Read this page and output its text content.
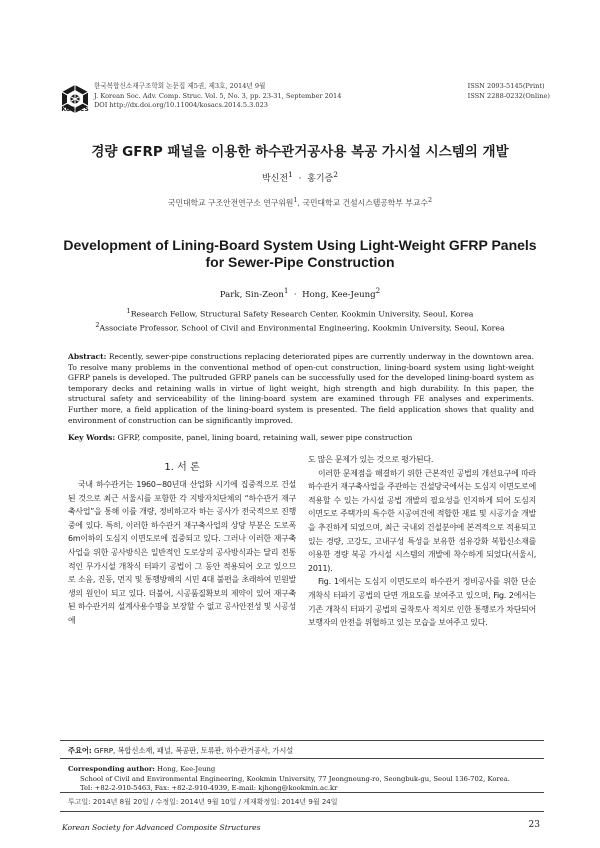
KOSACS
한국복합신소재구조학회 논문집 제5권, 제3호, 2014년 9월
J. Korean Soc. Adv. Comp. Struc. Vol. 5, No. 3, pp. 23-31, September 2014
DOI http://dx.doi.org/10.11004/kosacs.2014.5.3.023
ISSN 2093-5145(Print)
ISSN 2288-0232(Online)
경량 GFRP 패널을 이용한 하수관거공사용 복공 가시설 시스템의 개발
박신전$^1$ · 홍기증$^2$
국민대학교 구조안전연구소 연구위원$^1$, 국민대학교 건설시스템공학부 부교수$^2$
Development of Lining-Board System Using Light-Weight GFRP Panels
for Sewer-Pipe Construction
Park, Sin-Zeon$^1$ · Hong, Kee-Jeung$^2$
$^1$Research Fellow, Structural Safety Research Center, Kookmin University, Seoul, Korea
$^2$Associate Professor, School of Civil and Environmental Engineering, Kookmin University, Seoul, Korea
Abstract: Recently, sewer-pipe constructions replacing deteriorated pipes are currently underway in the downtown area. To resolve many problems in the conventional method of open-cut construction, lining-board system using light-weight GFRP panels is developed. The pultruded GFRP panels can be successfully used for the developed lining-board system as temporary decks and retaining walls in virtue of light weight, high strength and high durability. In this paper, the structural safety and serviceability of the lining-board system are examined through FE analyses and experiments. Further more, a field application of the lining-board system is presented. The field application shows that quality and environment of construction can be significantly improved.
Key Words: GFRP, composite, panel, lining board, retaining wall, sewer pipe construction
1. 서 론

국내 하수관거는 1960~80년대 산업화 시기에 집중적으로 건설된 것으로 최근 서울시를 포함한 각 지방자치단체의 “하수관거 재구축사업”을 통해 이를 개량, 정비하고자 하는 공사가 전국적으로 진행 중에 있다. 특히, 이러한 하수관거 재구축사업의 상당 부분은 도로폭 6m이하의 도심지 이면도로에 집중되고 있다. 그러나 이러한 재구축사업을 위한 공사방식은 일반적인 도로상의 공사방식과는 달리 전통적인 무가시설 개착식 터파기 공법이 그 동안 적용되어 오고 있으므로 소음, 진동, 먼지 및 통행방해의 시민 4대 불편을 초래하여 민원발생의 원인이 되고 있다. 더불어, 시공품질확보의 제약이 있어 재구축된 하수관거의 설계사용수명을 보장할 수 없고 공사안전성 및 시공성에

도 많은 문제가 있는 것으로 평가된다.

이러한 문제점을 해결하기 위한 근본적인 공법의 개선요구에 따라 하수관거 재구축사업을 주관하는 건설당국에서는 도심지 이면도로에 적용할 수 있는 가시설 공법 개발의 필요성을 인지하게 되어 도심지 이면도로 주택가의 특수한 시공여건에 적합한 재료 및 시공기술 개발을 추진하게 되었으며, 최근 국내외 건설분야에 본격적으로 적용되고 있는 경량, 고강도, 고내구성 특성을 보유한 섬유강화 복합신소재를 이용한 경량 복공 가시설 시스템의 개발에 착수하게 되었다(서울시, 2011).

Fig. 1에서는 도심지 이면도로의 하수관거 정비공사를 위한 단순 개착식 터파기 공법의 단면 개요도를 보여주고 있으며, Fig. 2에서는 기존 개착식 터파기 공법의 굴착토사 적치로 인한 통행로가 차단되어 보행자의 안전을 위협하고 있는 모습을 보여주고 있다.

주요어: GFRP, 복합신소재, 패널, 복공판, 토류판, 하수관거공사, 가시설
Corresponding author: Hong, Kee-Jeung
School of Civil and Environmental Engineering, Kookmin University, 77 Jeongneung-ro, Seongbuk-gu, Seoul 136-702, Korea.
Tel: +82-2-910-5463, Fax: +82-2-910-4939, E-mail: kjhong@kookmin.ac.kr
투고일: 2014년 8월 20일 / 수정일: 2014년 9월 10일 / 게재확정일: 2014년 9월 24일
Korean Society for Advanced Composite Structures	23
